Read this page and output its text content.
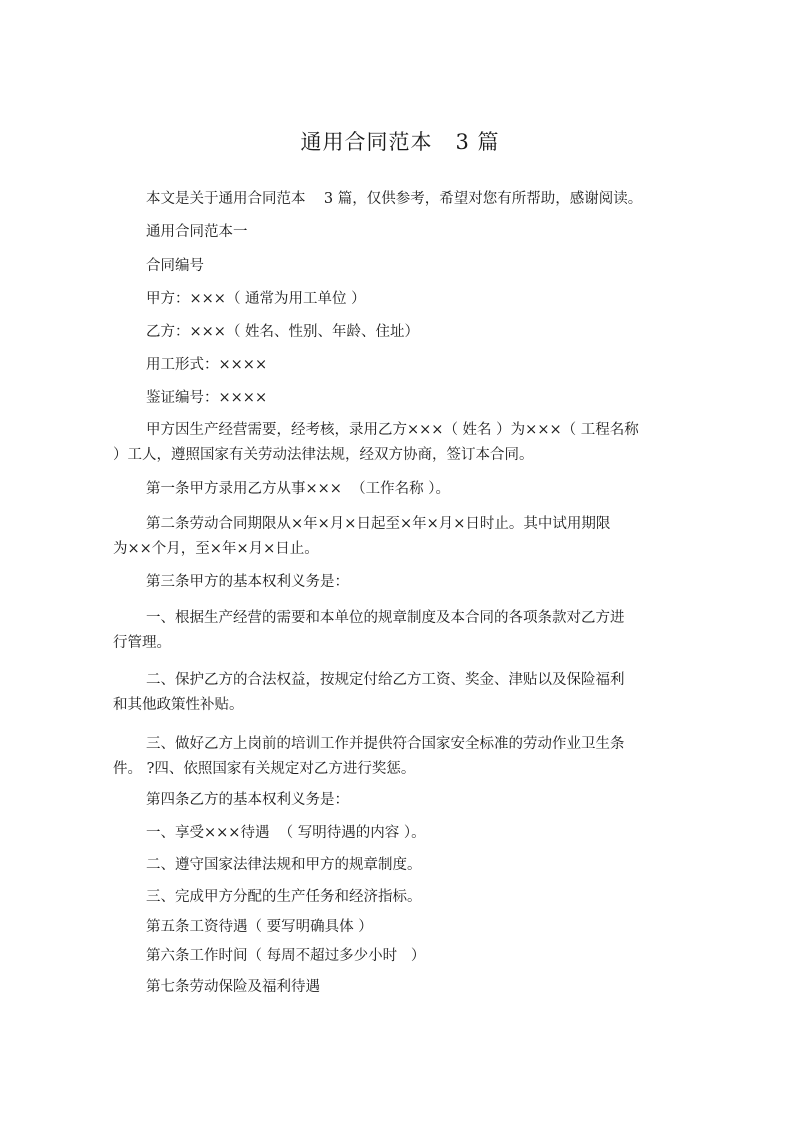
通用合同范本   3 篇
本文是关于通用合同范本    3 篇，仅供参考，希望对您有所帮助，感谢阅读。
通用合同范本一
合同编号
甲方：×××（ 通常为用工单位 ）
乙方：×××（ 姓名、性别、年龄、住址）
用工形式：××××
鉴证编号：××××
甲方因生产经营需要，经考核，录用乙方×××（ 姓名 ）为×××（ 工程名称
）工人，遵照国家有关劳动法律法规，经双方协商，签订本合同。
第一条甲方录用乙方从事×××  （工作名称 ）。
第二条劳动合同期限从×年×月×日起至×年×月×日时止。其中试用期限
为××个月，至×年×月×日止。
第三条甲方的基本权利义务是：
一、根据生产经营的需要和本单位的规章制度及本合同的各项条款对乙方进
行管理。
二、保护乙方的合法权益，按规定付给乙方工资、奖金、津贴以及保险福利
和其他政策性补贴。
三、做好乙方上岗前的培训工作并提供符合国家安全标准的劳动作业卫生条
件。 ?四、依照国家有关规定对乙方进行奖惩。
第四条乙方的基本权利义务是：
一、享受×××待遇  （ 写明待遇的内容 ）。
二、遵守国家法律法规和甲方的规章制度。
三、完成甲方分配的生产任务和经济指标。
第五条工资待遇（ 要写明确具体 ）
第六条工作时间（ 每周不超过多少小时   ）
第七条劳动保险及福利待遇
